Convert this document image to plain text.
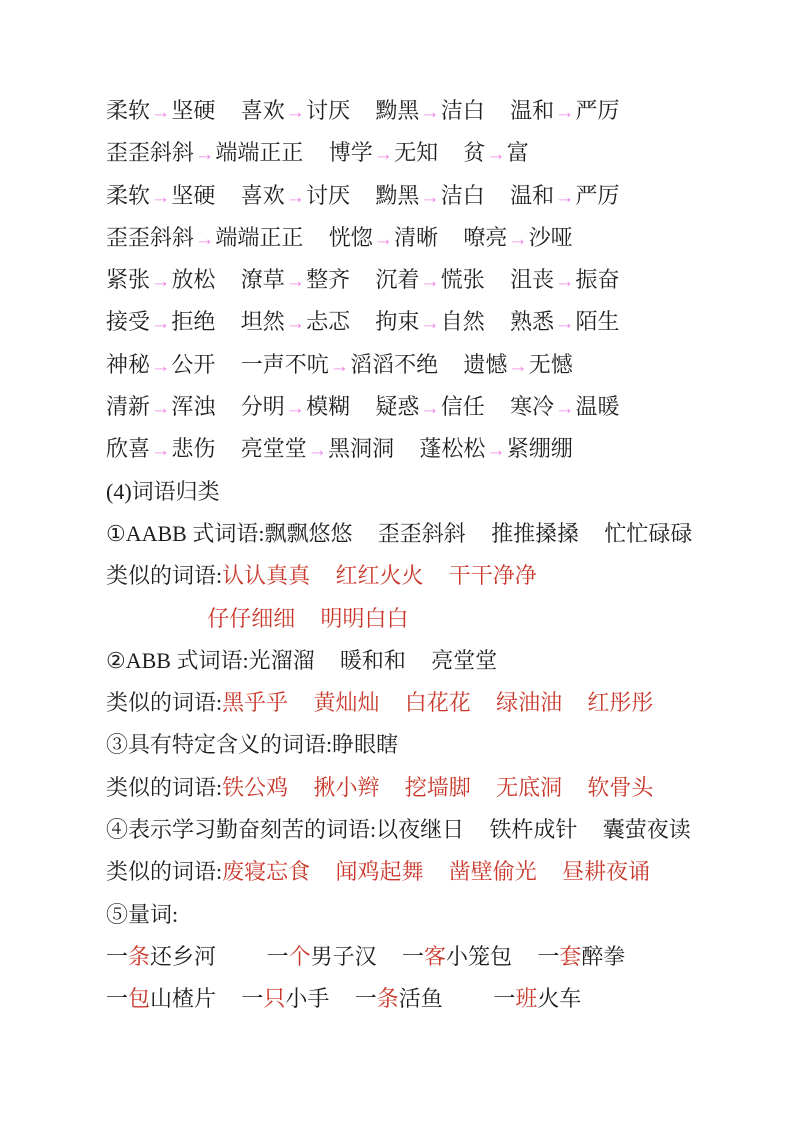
柔软→坚硬 喜欢→讨厌 黝黑→洁白 温和→严厉
歪歪斜斜→端端正正 博学→无知 贫→富
柔软→坚硬 喜欢→讨厌 黝黑→洁白 温和→严厉
歪歪斜斜→端端正正 恍惚→清晰 嘹亮→沙哑
紧张→放松 潦草→整齐 沉着→慌张 沮丧→振奋
接受→拒绝 坦然→忐忑 拘束→自然 熟悉→陌生
神秘→公开 一声不吭→滔滔不绝 遗憾→无憾
清新→浑浊 分明→模糊 疑惑→信任 寒冷→温暖
欣喜→悲伤 亮堂堂→黑洞洞 蓬松松→紧绷绷
(4)词语归类
①AABB 式词语:飘飘悠悠 歪歪斜斜 推推搡搡 忙忙碌碌
类似的词语:认认真真 红红火火 干干净净
仔仔细细 明明白白
②ABB 式词语:光溜溜 暖和和 亮堂堂
类似的词语:黑乎乎 黄灿灿 白花花 绿油油 红彤彤
③具有特定含义的词语:睁眼瞎
类似的词语:铁公鸡 揪小辫 挖墙脚 无底洞 软骨头
④表示学习勤奋刻苦的词语:以夜继日 铁杵成针 囊萤夜读
类似的词语:废寝忘食 闻鸡起舞 凿壁偷光 昼耕夜诵
⑤量词:
一条还乡河 一个男子汉 一客小笼包 一套醉拳
一包山楂片 一只小手 一条活鱼 一班火车
